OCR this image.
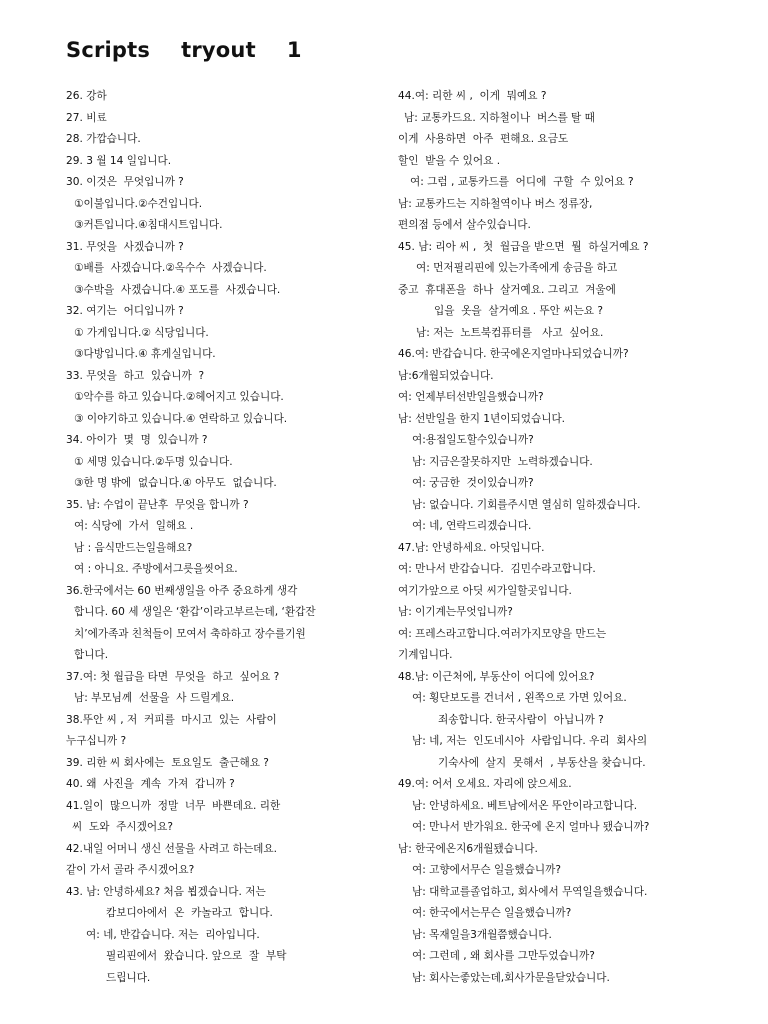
Scripts  tryout  1
26. 강하
27. 비료
28. 가깝습니다.
29. 3 월 14 일입니다.
30. 이것은  무엇입니까 ?
①이불입니다.②수건입니다.
③커튼입니다.④침대시트입니다.
31. 무엇을  사겠습니까 ?
①배를  사겠습니다.②옥수수  사겠습니다.
③수박을  사겠습니다.④ 포도를  사겠습니다.
32. 여기는  어디입니까 ?
① 가게입니다.② 식당입니다.
③다방입니다.④ 휴게실입니다.
33. 무엇을  하고  있습니까  ?
①악수를 하고 있습니다.②헤어지고 있습니다.
③ 이야기하고 있습니다.④ 연락하고 있습니다.
34. 아이가  몇  명  있습니까 ?
① 세명 있습니다.②두명 있습니다.
③한 명 밖에  없습니다.④ 아무도  없습니다.
35. 남: 수업이 끝난후  무엇을 합니까 ?
여: 식당에  가서  일해요 .
남 : 음식만드는일을해요?
여 : 아니요. 주방에서그릇을씻어요.
36.한국에서는 60 번째생일을 아주 중요하게 생각
합니다. 60 세 생일은 ‘환갑’이라고부르는데, ‘환갑잔
치’에가족과 친척들이 모여서 축하하고 장수를기원
합니다.
37.여: 첫 월급을 타면  무엇을  하고  싶어요 ?
남: 부모님께  선물을  사 드릴게요.
38.뚜안 씨 , 저  커피를  마시고  있는  사람이
누구십니까 ?
39. 리한 씨 회사에는  토요일도  출근해요 ?
40. 왜  사진을  계속  가져  갑니까 ?
41.일이  많으니까  정말  너무  바쁜데요. 리한
씨  도와  주시겠어요?
42.내일 어머니 생신 선물을 사려고 하는데요.
같이 가서 골라 주시겠어요?
43. 남: 안녕하세요? 처음 뵙겠습니다. 저는
캄보디아에서  온  카놀라고  합니다.
여: 네, 반갑습니다. 저는  리아입니다.
필리핀에서  왔습니다. 앞으로  잘  부탁
드립니다.
44.여: 리한 씨 ,  이게  뭐예요 ?
남: 교통카드요. 지하철이나  버스를 탈 때
이게  사용하면  아주  편해요. 요금도
할인  받을 수 있어요 .
여: 그럼 , 교통카드를  어디에  구할  수 있어요 ?
남: 교통카드는 지하철역이나 버스 정류장,
편의점 등에서 살수있습니다.
45. 남: 리아 씨 ,  첫  월급을 받으면  뭘  하실거예요 ?
여: 먼저필리핀에 있는가족에게 송금을 하고
중고  휴대폰을  하나  살거예요. 그리고  겨울에
입을  옷을  살거예요 . 뚜안 씨는요 ?
남: 저는  노트북컴퓨터를   사고  싶어요.
46.여: 반갑습니다. 한국에온지얼마나되었습니까?
남:6개월되었습니다.
여: 언제부터선반일을했습니까?
남: 선반일을 한지 1년이되었습니다.
여:용접일도할수있습니까?
남: 지금은잘못하지만  노력하겠습니다.
여: 궁금한  것이있습니까?
남: 없습니다. 기회를주시면 열심히 일하겠습니다.
여: 네, 연락드리겠습니다.
47.남: 안녕하세요. 아딧입니다.
여: 만나서 반갑습니다.  김민수라고합니다.
여기가앞으로 아딧 씨가일할곳입니다.
남: 이기계는무엇입니까?
여: 프레스라고합니다.여러가지모양을 만드는
기계입니다.
48.남: 이근처에, 부동산이 어디에 있어요?
여: 횡단보도를 건너서 , 왼쪽으로 가면 있어요.
죄송합니다. 한국사람이  아닙니까 ?
남: 네, 저는  인도네시아  사람입니다. 우리  회사의
기숙사에  살지  못해서  , 부동산을 찾습니다.
49.여: 어서 오세요. 자리에 앉으세요.
남: 안녕하세요. 베트남에서온 뚜안이라고합니다.
여: 만나서 반가워요. 한국에 온지 얼마나 됐습니까?
남: 한국에온지6개월됐습니다.
여: 고향에서무슨 일을했습니까?
남: 대학교를졸업하고, 회사에서 무역일을했습니다.
여: 한국에서는무슨 일을했습니까?
남: 목재일을3개월쯤했습니다.
여: 그런데 , 왜 회사를 그만두었습니까?
남: 회사는좋았는데,회사가문을닫았습니다.
